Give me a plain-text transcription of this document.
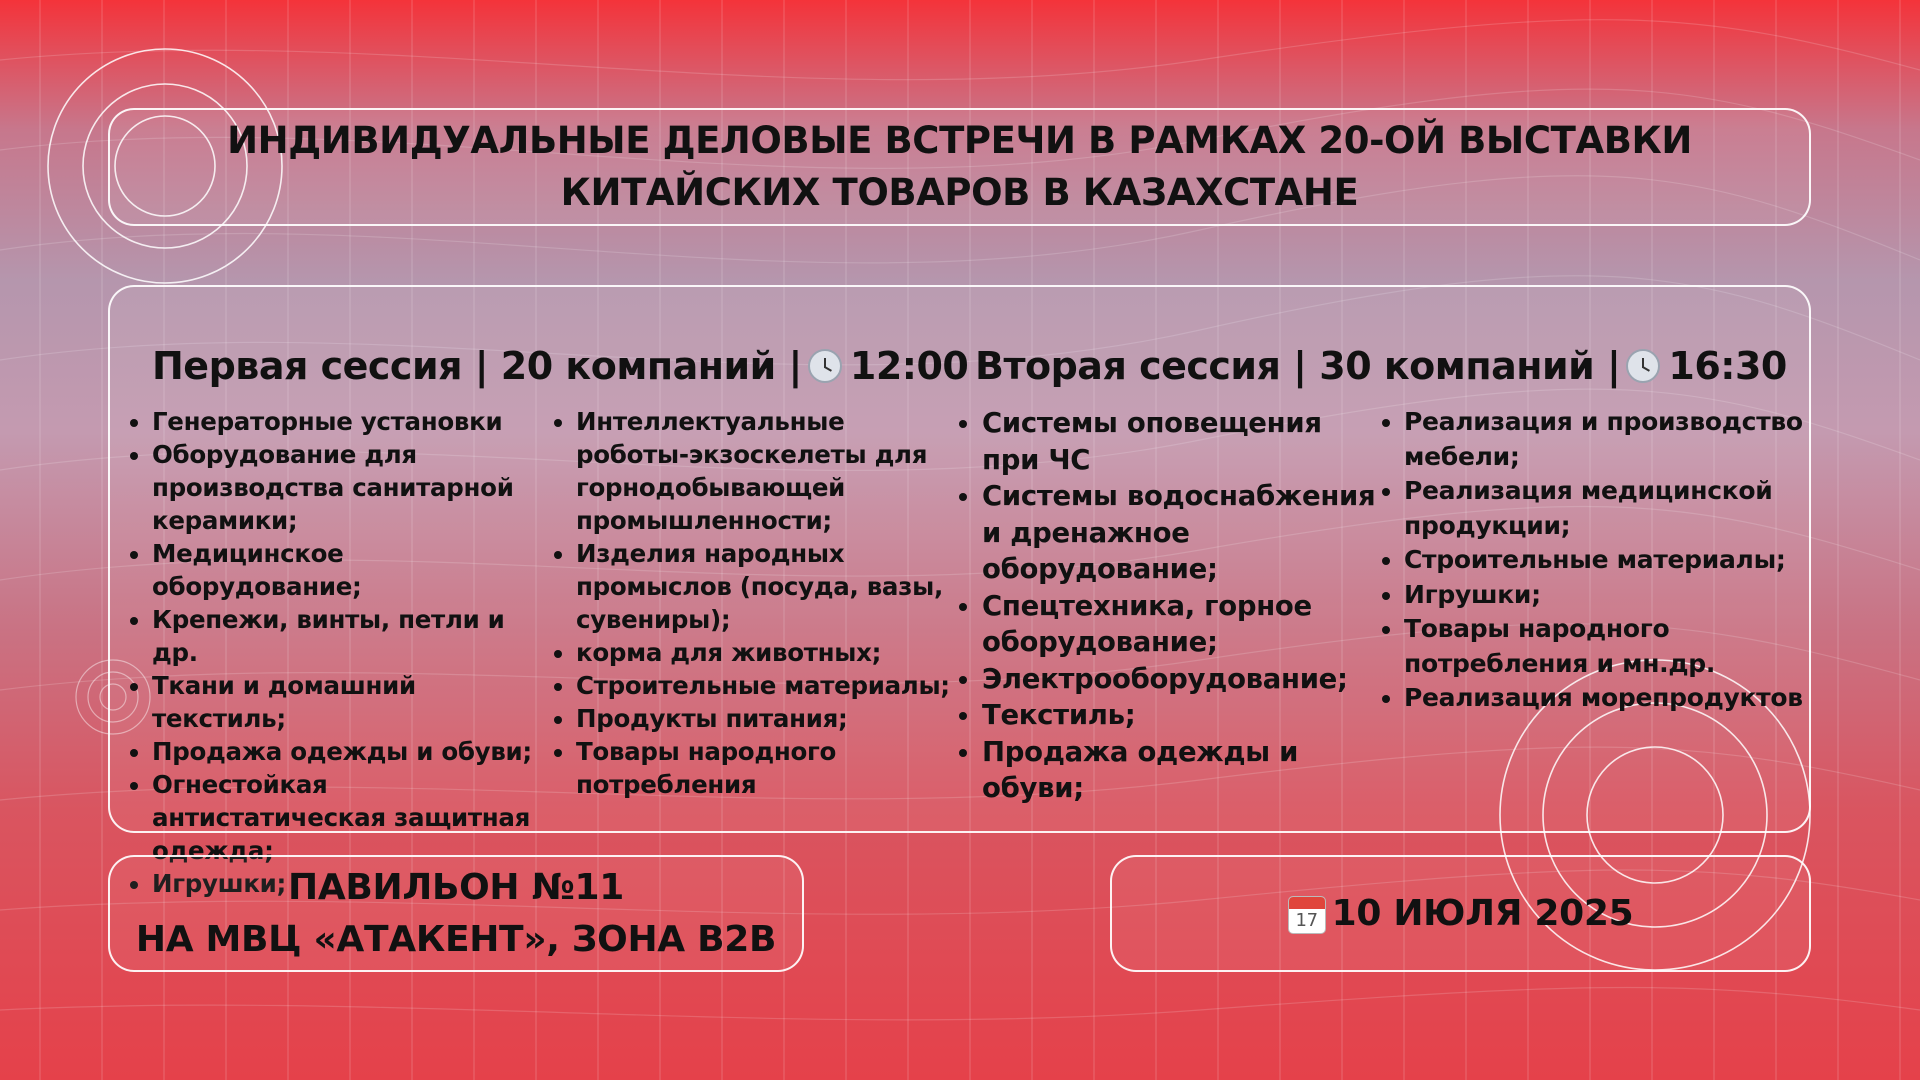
ИНДИВИДУАЛЬНЫЕ ДЕЛОВЫЕ ВСТРЕЧИ В РАМКАХ 20-ОЙ ВЫСТАВКИ КИТАЙСКИХ ТОВАРОВ В КАЗАХСТАНЕ
Первая сессия | 20 компаний | 12:00
• Генераторные установки
• Оборудование для производства санитарной керамики;
• Медицинское оборудование;
• Крепежи, винты, петли и др.
• Ткани и домашний текстиль;
• Продажа одежды и обуви;
• Огнестойкая антистатическая защитная одежда;
• Игрушки;
• Интеллектуальные роботы-экзоскелеты для горнодобывающей промышленности;
• Изделия народных промыслов (посуда, вазы, сувениры);
• корма для животных;
• Строительные материалы;
• Продукты питания;
• Товары народного потребления
Вторая сессия | 30 компаний | 16:30
• Системы оповещения при ЧС
• Системы водоснабжения и дренажное оборудование;
• Спецтехника, горное оборудование;
• Электрооборудование;
• Текстиль;
• Продажа одежды и обуви;
• Реализация и производство мебели;
• Реализация медицинской продукции;
• Строительные материалы;
• Игрушки;
• Товары народного потребления и мн.др.
• Реализация морепродуктов

ПАВИЛЬОН №11
НА МВЦ «АТАКЕНТ», ЗОНА B2B	17 10 ИЮЛЯ 2025
